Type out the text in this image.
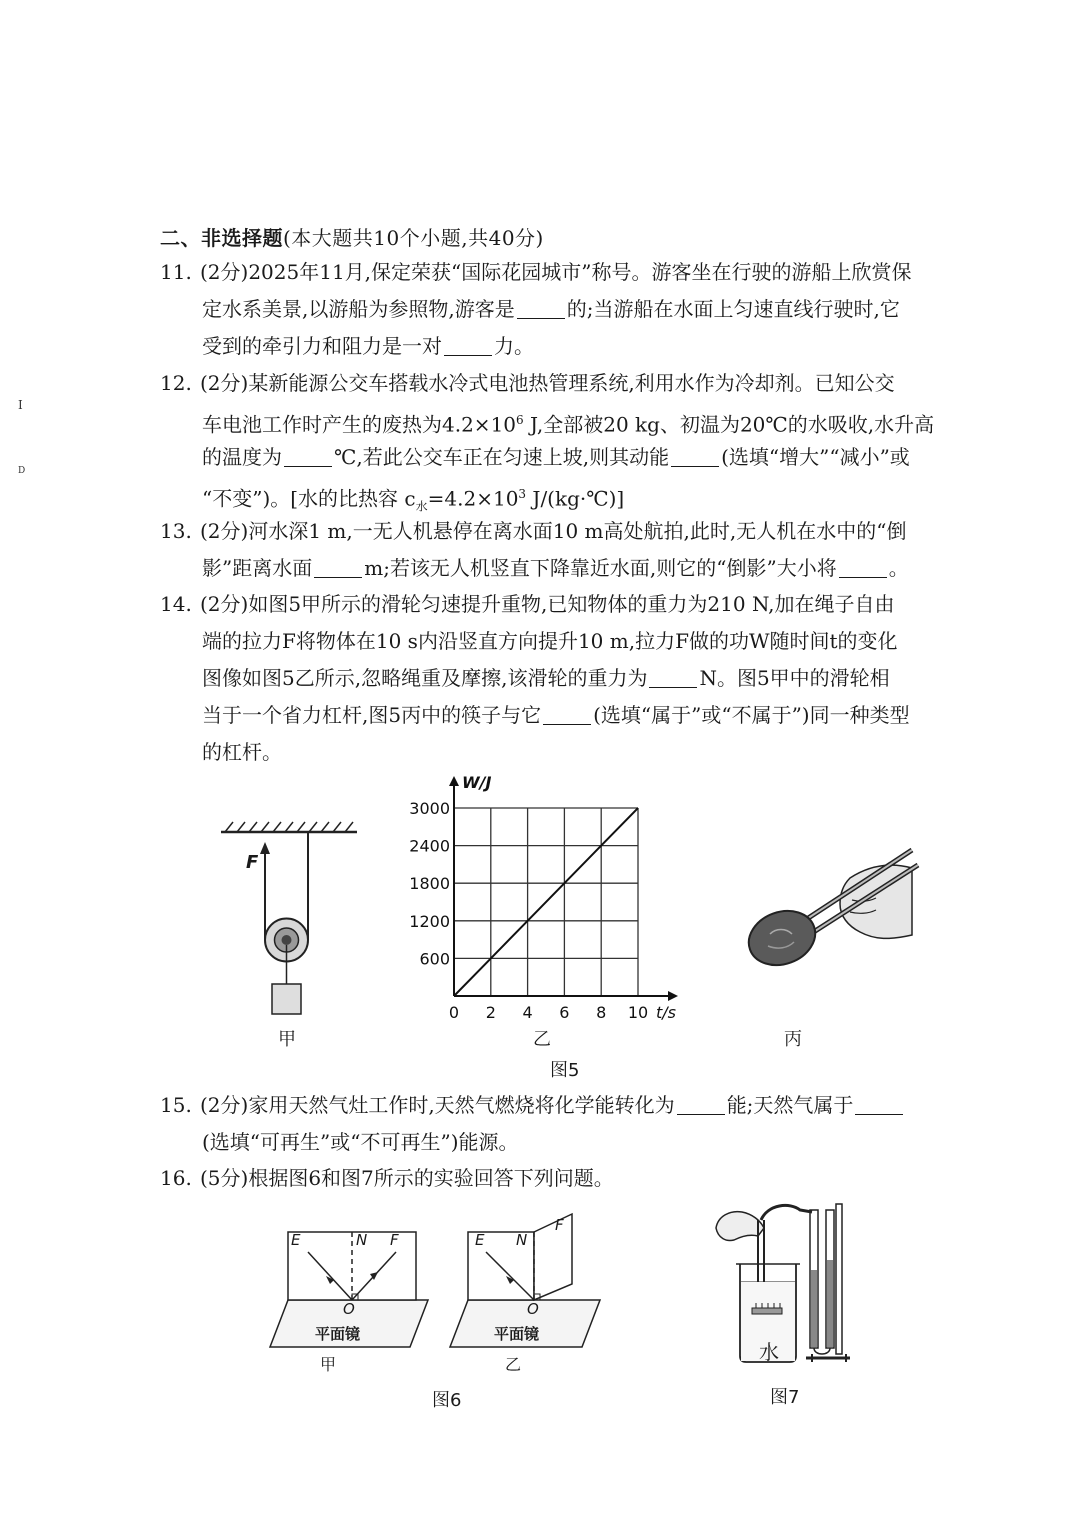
二、非选择题(本大题共10个小题,共40分)
I
D
11. (2分)2025年11月,保定荣获“国际花园城市”称号。游客坐在行驶的游船上欣赏保
定水系美景,以游船为参照物,游客是	的;当游船在水面上匀速直线行驶时,它
受到的牵引力和阻力是一对	力。
12. (2分)某新能源公交车搭载水冷式电池热管理系统,利用水作为冷却剂。已知公交
车电池工作时产生的废热为$4.2\times 10^6$ J,全部被20 kg、初温为20℃的水吸收,水升高
的温度为	℃,若此公交车正在匀速上坡,则其动能	(选填“增大”“减小”或
“不变”)。[水的比热容 $c_水=4.2\times 10^3$ J/(kg·℃)]
13. (2分)河水深1 m,一无人机悬停在离水面10 m高处航拍,此时,无人机在水中的“倒
影”距离水面	m;若该无人机竖直下降靠近水面,则它的“倒影”大小将	。
14. (2分)如图5甲所示的滑轮匀速提升重物,已知物体的重力为210 N,加在绳子自由
端的拉力F将物体在10 s内沿竖直方向提升10 m,拉力F做的功W随时间t的变化
图像如图5乙所示,忽略绳重及摩擦,该滑轮的重力为	N。图5甲中的滑轮相
当于一个省力杠杆,图5丙中的筷子与它	(选填“属于”或“不属于”)同一种类型
的杠杆。
F
甲
0 2 4 6 8 10
600
1200
1800
2400
3000
t/s
W/J
乙	丙
图5
15. (2分)家用天然气灶工作时,天然气燃烧将化学能转化为	能;天然气属于
(选填“可再生”或“不可再生”)能源。
16. (5分)根据图6和图7所示的实验回答下列问题。
E	N F
O
平面镜
甲
E N
F
O
平面镜
乙
图6
水
图7
